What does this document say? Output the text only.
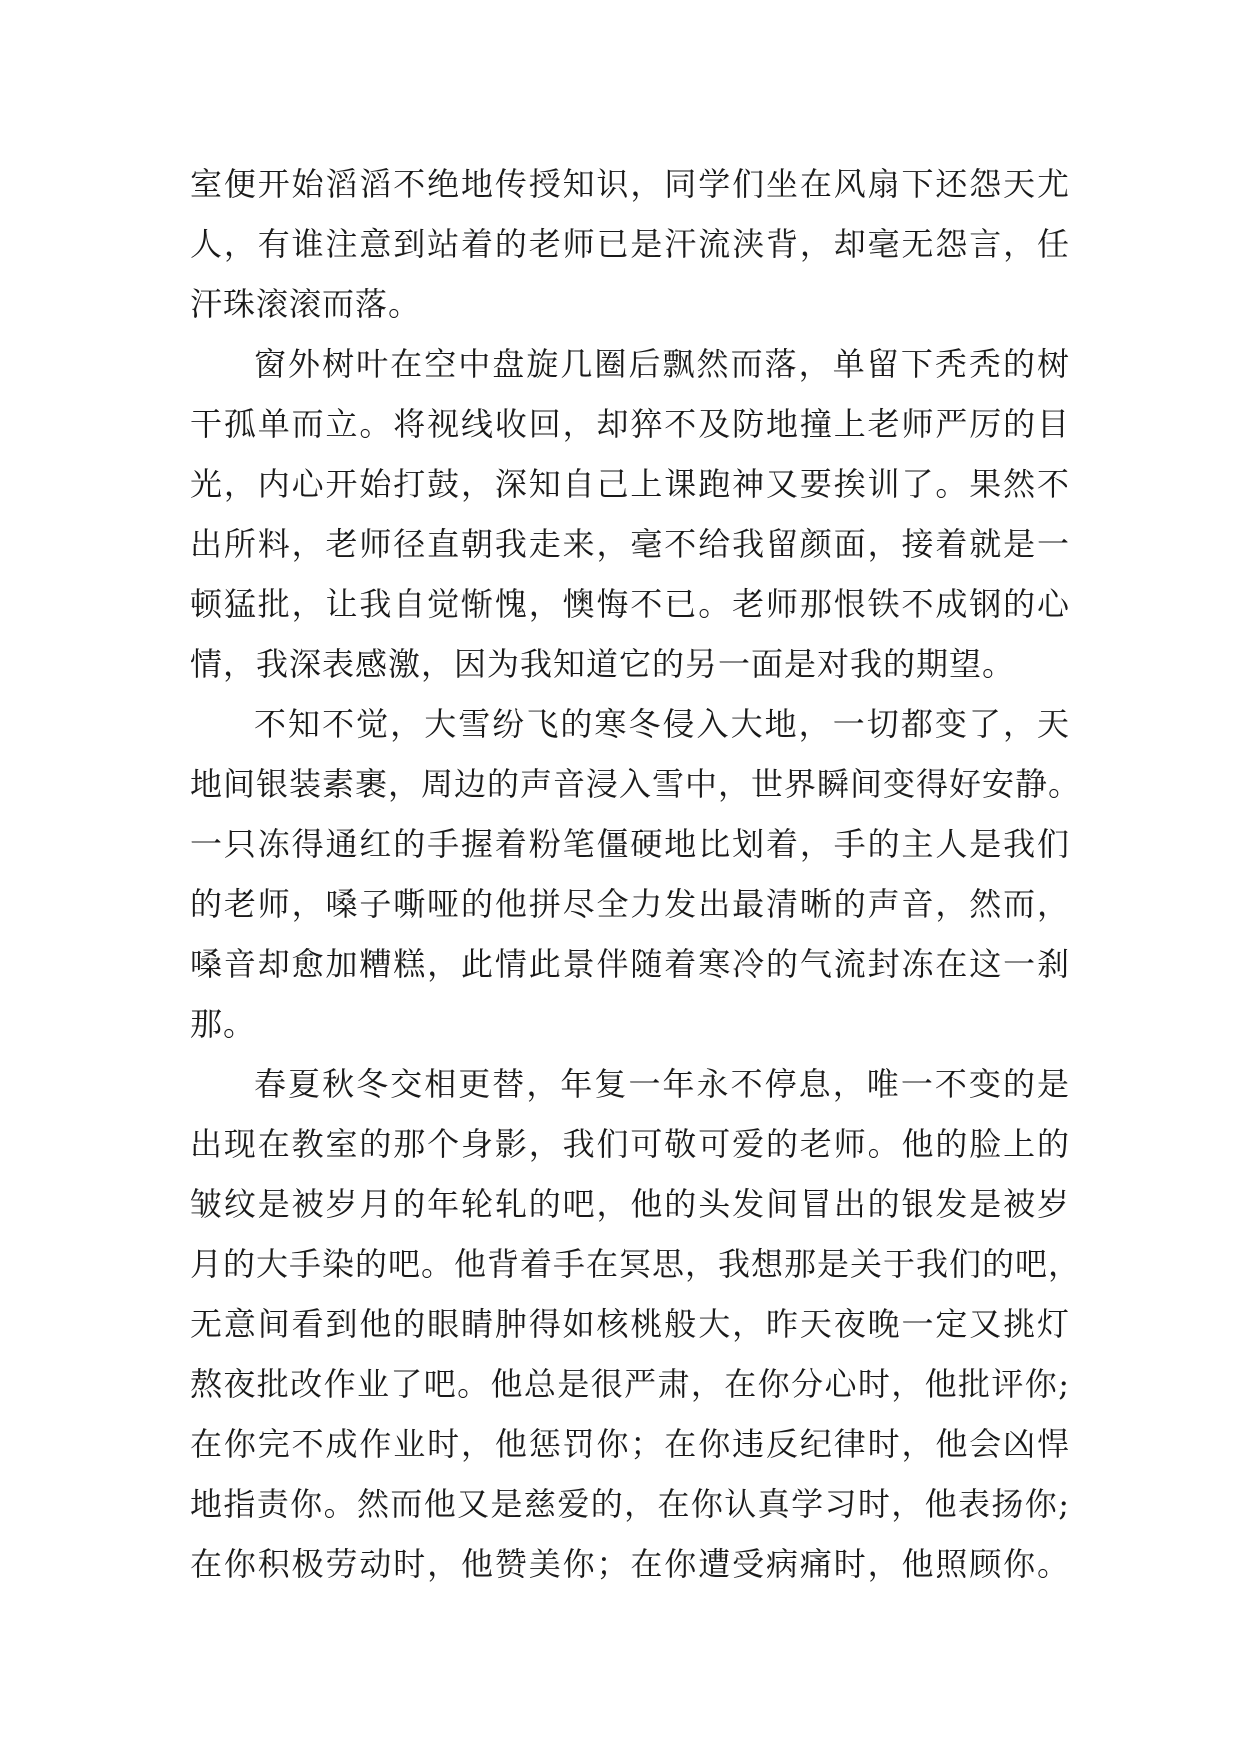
室便开始滔滔不绝地传授知识，同学们坐在风扇下还怨天尤
人，有谁注意到站着的老师已是汗流浃背，却毫无怨言，任
汗珠滚滚而落。
窗外树叶在空中盘旋几圈后飘然而落，单留下秃秃的树
干孤单而立。将视线收回，却猝不及防地撞上老师严厉的目
光，内心开始打鼓，深知自己上课跑神又要挨训了。果然不
出所料，老师径直朝我走来，毫不给我留颜面，接着就是一
顿猛批，让我自觉惭愧，懊悔不已。老师那恨铁不成钢的心
情，我深表感激，因为我知道它的另一面是对我的期望。
不知不觉，大雪纷飞的寒冬侵入大地，一切都变了，天
地间银装素裹，周边的声音浸入雪中，世界瞬间变得好安静。
一只冻得通红的手握着粉笔僵硬地比划着，手的主人是我们
的老师，嗓子嘶哑的他拼尽全力发出最清晰的声音，然而，
嗓音却愈加糟糕，此情此景伴随着寒冷的气流封冻在这一刹
那。
春夏秋冬交相更替，年复一年永不停息，唯一不变的是
出现在教室的那个身影，我们可敬可爱的老师。他的脸上的
皱纹是被岁月的年轮轧的吧，他的头发间冒出的银发是被岁
月的大手染的吧。他背着手在冥思，我想那是关于我们的吧，
无意间看到他的眼睛肿得如核桃般大，昨天夜晚一定又挑灯
熬夜批改作业了吧。他总是很严肃，在你分心时，他批评你;
在你完不成作业时，他惩罚你；在你违反纪律时，他会凶悍
地指责你。然而他又是慈爱的，在你认真学习时，他表扬你;
在你积极劳动时，他赞美你；在你遭受病痛时，他照顾你。
